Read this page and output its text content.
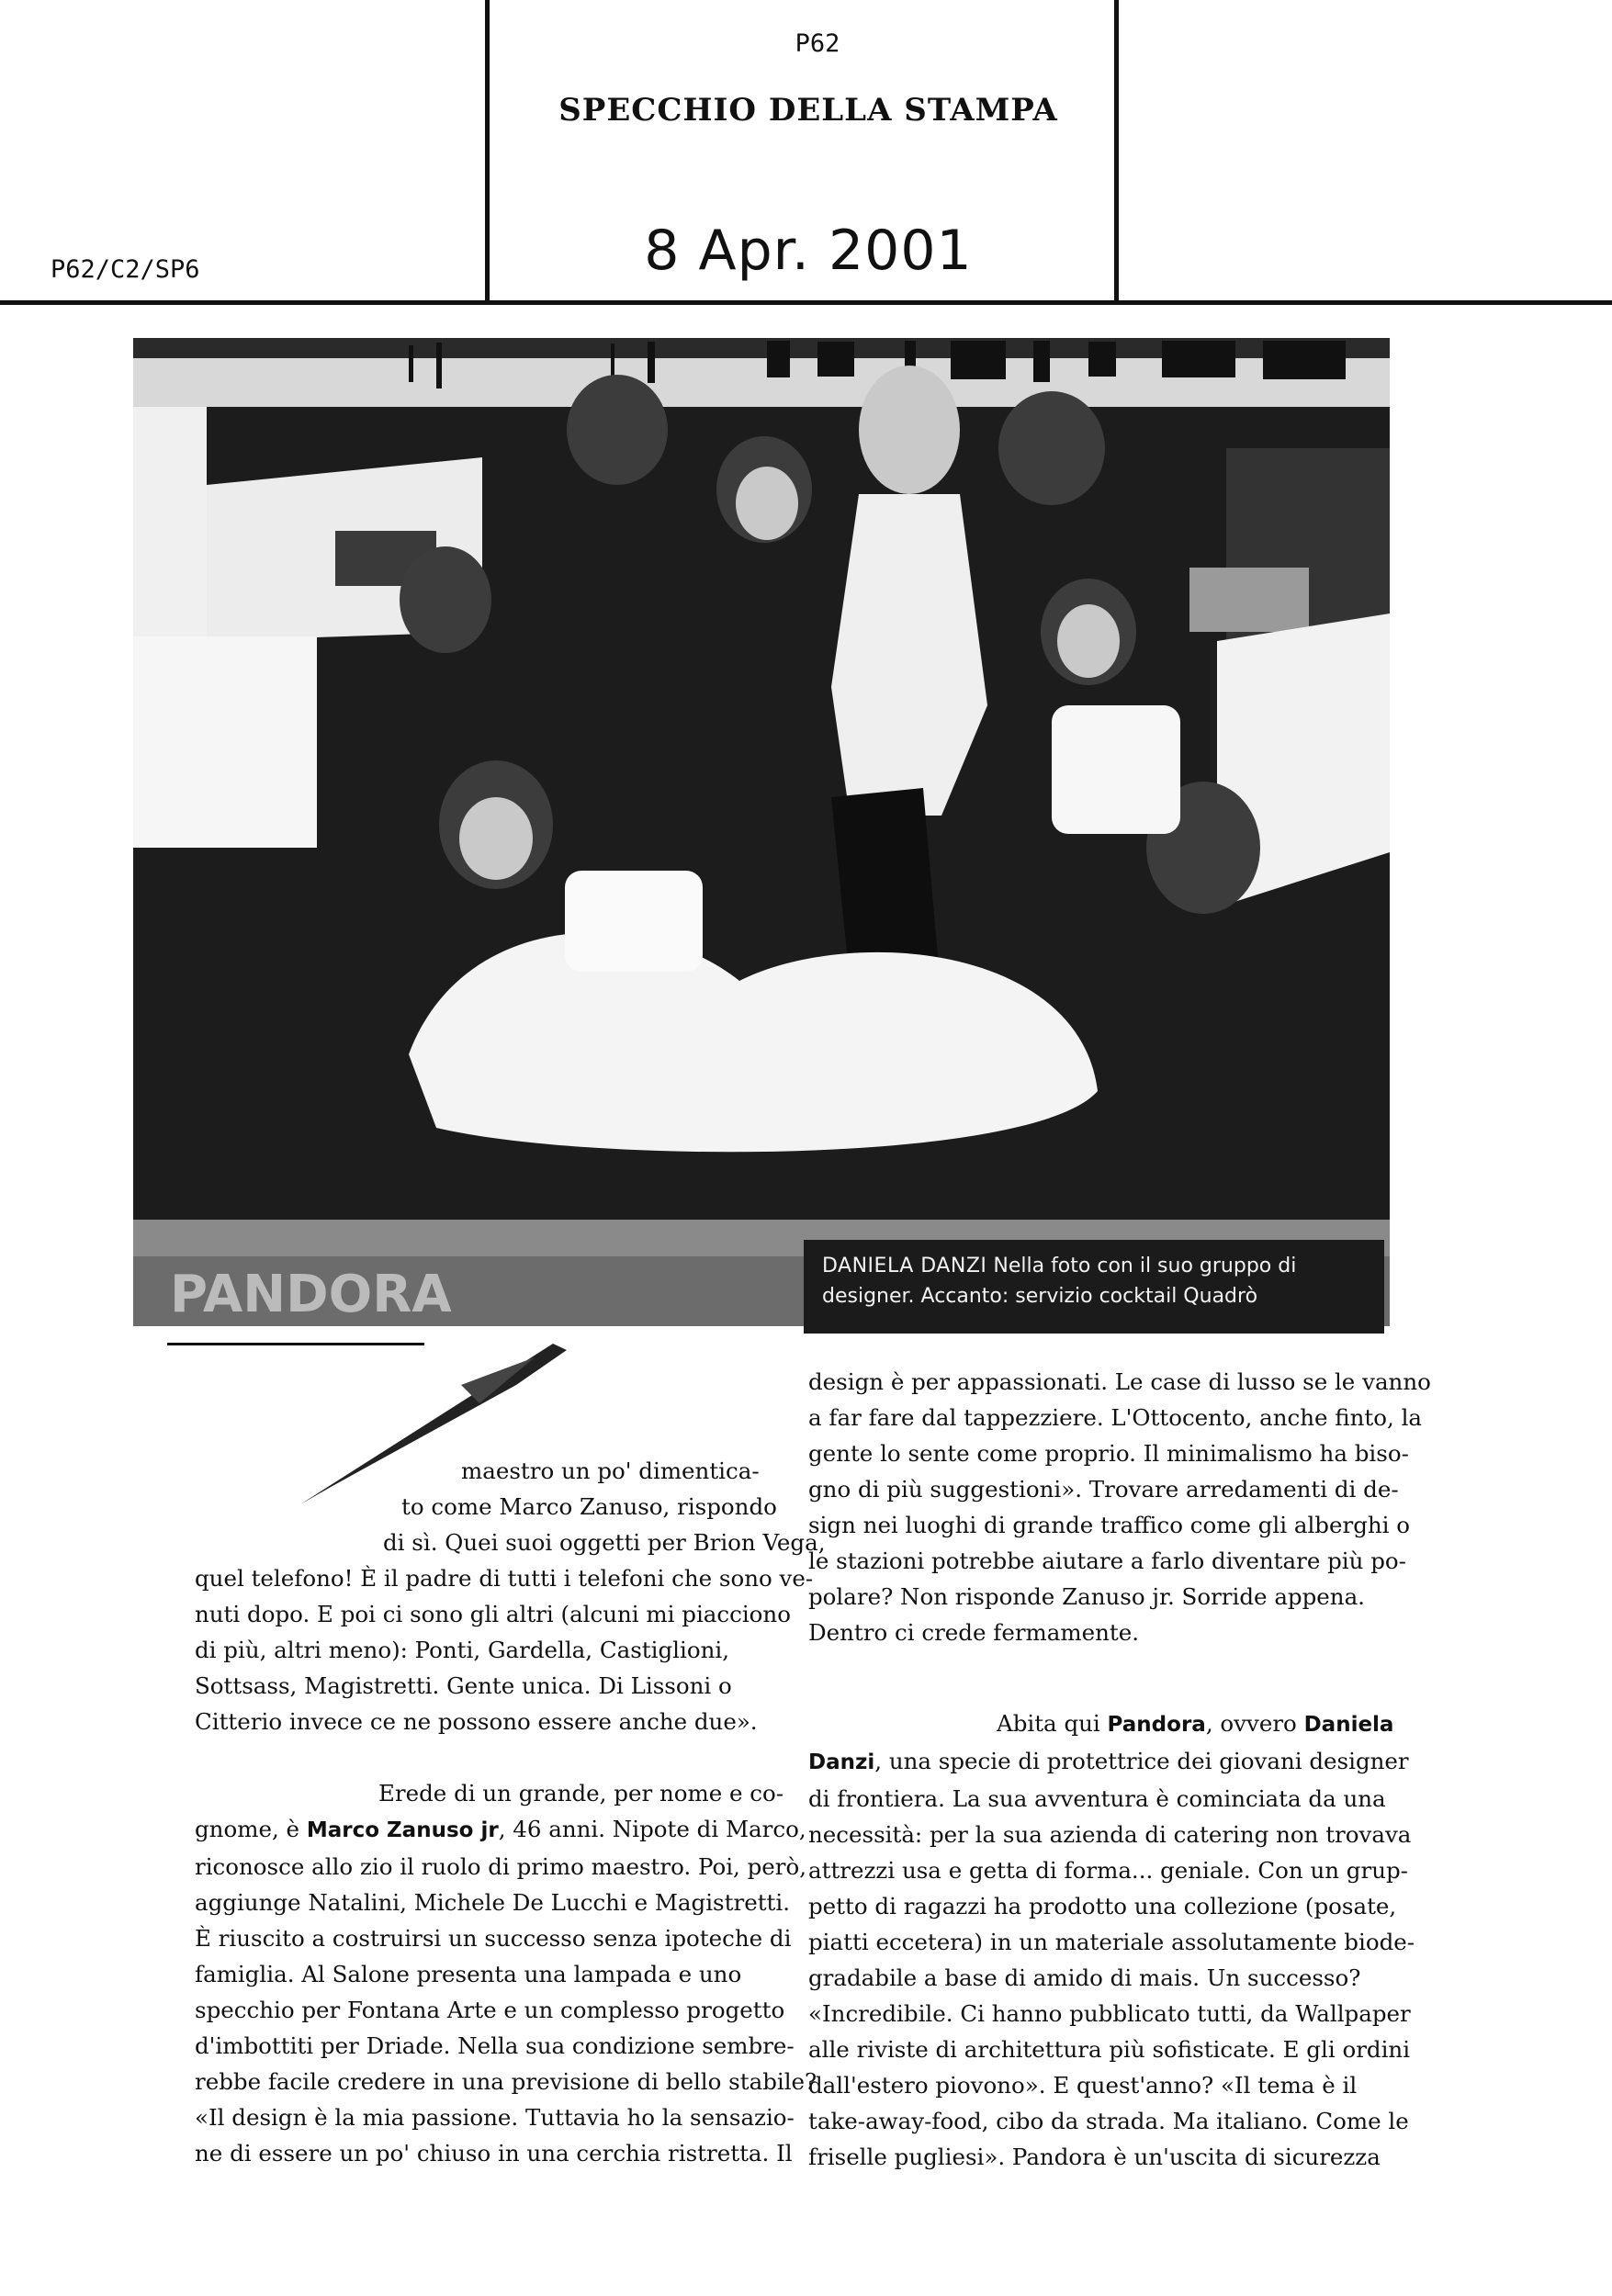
P62
SPECCHIO DELLA STAMPA
8 Apr. 2001
P62/C2/SP6
PANDORA	DANIELA DANZI Nella foto con il suo gruppo di
designer. Accanto: servizio cocktail Quadrò
maestro un po' dimentica-
to come Marco Zanuso, rispondo
di sì. Quei suoi oggetti per Brion Vega,
quel telefono! È il padre di tutti i telefoni che sono ve-
nuti dopo. E poi ci sono gli altri (alcuni mi piacciono
di più, altri meno): Ponti, Gardella, Castiglioni,
Sottsass, Magistretti. Gente unica. Di Lissoni o
Citterio invece ce ne possono essere anche due».
Erede di un grande, per nome e co-
gnome, è Marco Zanuso jr, 46 anni. Nipote di Marco,
riconosce allo zio il ruolo di primo maestro. Poi, però,
aggiunge Natalini, Michele De Lucchi e Magistretti.
È riuscito a costruirsi un successo senza ipoteche di
famiglia. Al Salone presenta una lampada e uno
specchio per Fontana Arte e un complesso progetto
d'imbottiti per Driade. Nella sua condizione sembre-
rebbe facile credere in una previsione di bello stabile?
«Il design è la mia passione. Tuttavia ho la sensazio-
ne di essere un po' chiuso in una cerchia ristretta. Il
design è per appassionati. Le case di lusso se le vanno
a far fare dal tappezziere. L'Ottocento, anche finto, la
gente lo sente come proprio. Il minimalismo ha biso-
gno di più suggestioni». Trovare arredamenti di de-
sign nei luoghi di grande traffico come gli alberghi o
le stazioni potrebbe aiutare a farlo diventare più po-
polare? Non risponde Zanuso jr. Sorride appena.
Dentro ci crede fermamente.
Abita qui Pandora, ovvero Daniela
Danzi, una specie di protettrice dei giovani designer
di frontiera. La sua avventura è cominciata da una
necessità: per la sua azienda di catering non trovava
attrezzi usa e getta di forma... geniale. Con un grup-
petto di ragazzi ha prodotto una collezione (posate,
piatti eccetera) in un materiale assolutamente biode-
gradabile a base di amido di mais. Un successo?
«Incredibile. Ci hanno pubblicato tutti, da Wallpaper
alle riviste di architettura più sofisticate. E gli ordini
dall'estero piovono». E quest'anno? «Il tema è il
take-away-food, cibo da strada. Ma italiano. Come le
friselle pugliesi». Pandora è un'uscita di sicurezza
